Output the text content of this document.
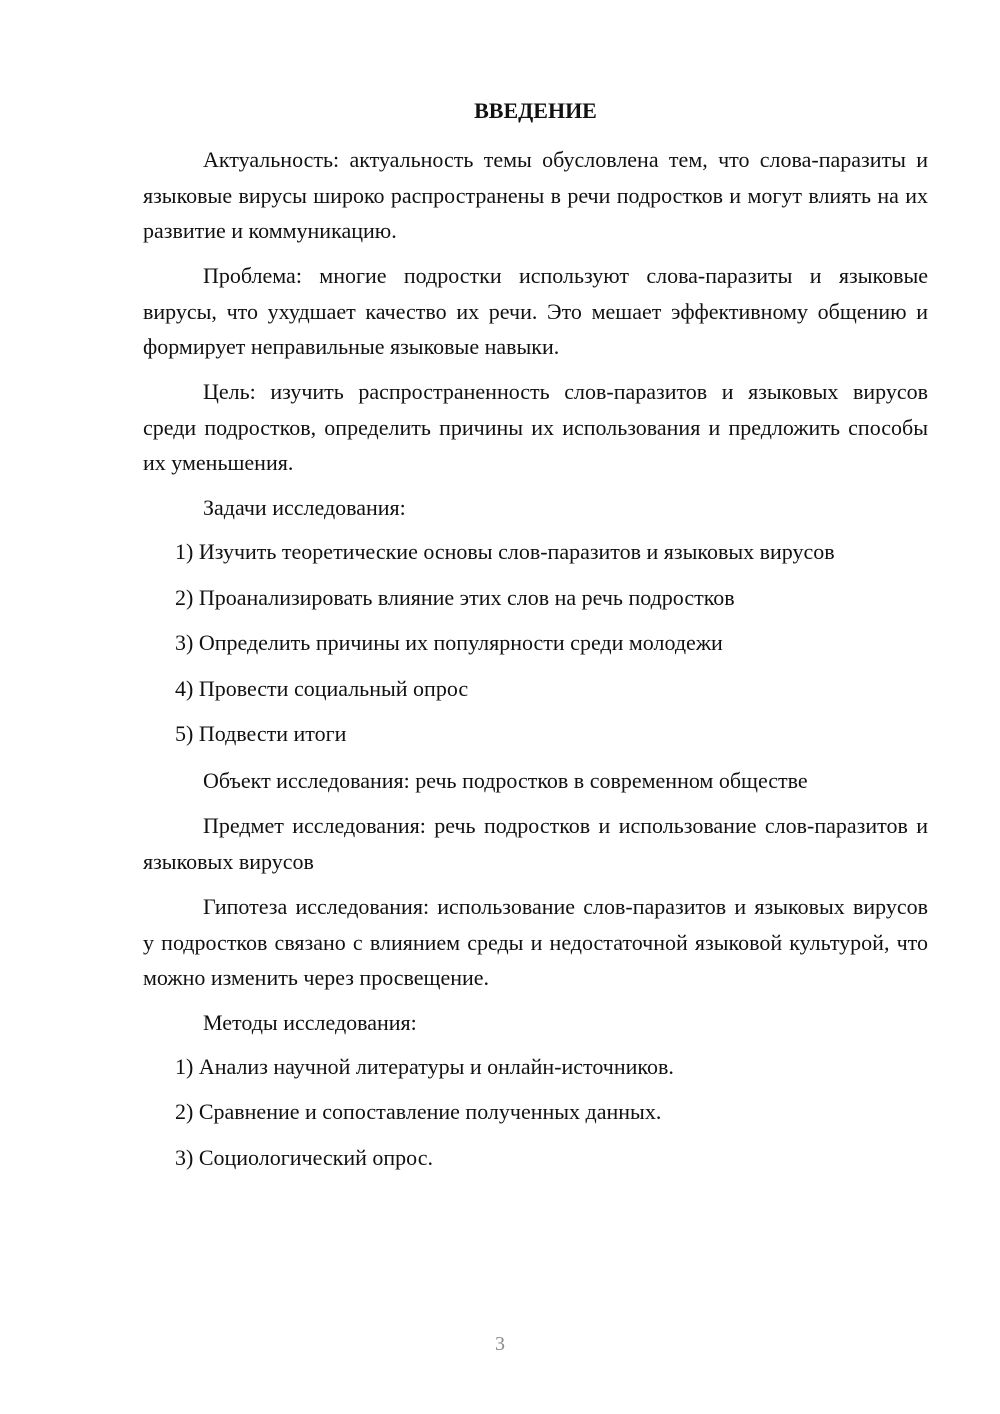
ВВЕДЕНИЕ
Актуальность: актуальность темы обусловлена тем, что слова-паразиты и языковые вирусы широко распространены в речи подростков и могут влиять на их развитие и коммуникацию.
Проблема: многие подростки используют слова-паразиты и языковые вирусы, что ухудшает качество их речи. Это мешает эффективному общению и формирует неправильные языковые навыки.
Цель: изучить распространенность слов-паразитов и языковых вирусов среди подростков, определить причины их использования и предложить способы их уменьшения.
Задачи исследования:
1) Изучить теоретические основы слов-паразитов и языковых вирусов
2) Проанализировать влияние этих слов на речь подростков
3) Определить причины их популярности среди молодежи
4) Провести социальный опрос
5) Подвести итоги
Объект исследования: речь подростков в современном обществе
Предмет исследования: речь подростков и использование слов-паразитов и языковых вирусов
Гипотеза исследования: использование слов-паразитов и языковых вирусов у подростков связано с влиянием среды и недостаточной языковой культурой, что можно изменить через просвещение.
Методы исследования:
1) Анализ научной литературы и онлайн-источников.
2) Сравнение и сопоставление полученных данных.
3) Социологический опрос.
3
